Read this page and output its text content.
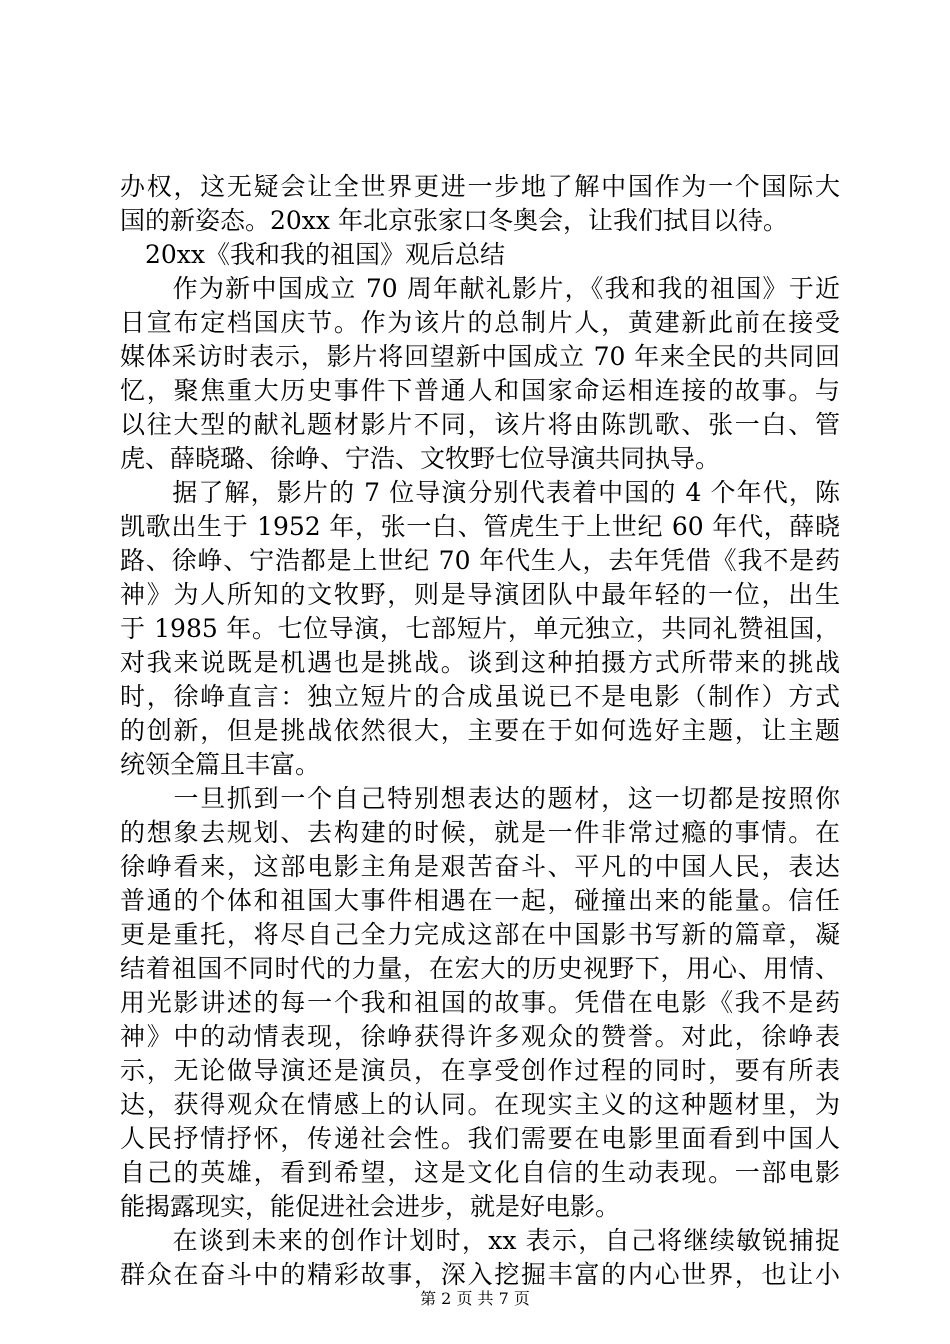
办权，这无疑会让全世界更进一步地了解中国作为一个国际大
国的新姿态。20xx 年北京张家口冬奥会，让我们拭目以待。
　20xx《我和我的祖国》观后总结
　　作为新中国成立 70 周年献礼影片，《我和我的祖国》于近
日宣布定档国庆节。作为该片的总制片人，黄建新此前在接受
媒体采访时表示，影片将回望新中国成立 70 年来全民的共同回
忆，聚焦重大历史事件下普通人和国家命运相连接的故事。与
以往大型的献礼题材影片不同，该片将由陈凯歌、张一白、管
虎、薛晓璐、徐峥、宁浩、文牧野七位导演共同执导。
　　据了解，影片的 7 位导演分别代表着中国的 4 个年代，陈
凯歌出生于 1952 年，张一白、管虎生于上世纪 60 年代，薛晓
路、徐峥、宁浩都是上世纪 70 年代生人，去年凭借《我不是药
神》为人所知的文牧野，则是导演团队中最年轻的一位，出生
于 1985 年。七位导演，七部短片，单元独立，共同礼赞祖国，
对我来说既是机遇也是挑战。谈到这种拍摄方式所带来的挑战
时，徐峥直言：独立短片的合成虽说已不是电影（制作）方式
的创新，但是挑战依然很大，主要在于如何选好主题，让主题
统领全篇且丰富。
　　一旦抓到一个自己特别想表达的题材，这一切都是按照你
的想象去规划、去构建的时候，就是一件非常过瘾的事情。在
徐峥看来，这部电影主角是艰苦奋斗、平凡的中国人民，表达
普通的个体和祖国大事件相遇在一起，碰撞出来的能量。信任
更是重托，将尽自己全力完成这部在中国影书写新的篇章，凝
结着祖国不同时代的力量，在宏大的历史视野下，用心、用情、
用光影讲述的每一个我和祖国的故事。凭借在电影《我不是药
神》中的动情表现，徐峥获得许多观众的赞誉。对此，徐峥表
示，无论做导演还是演员，在享受创作过程的同时，要有所表
达，获得观众在情感上的认同。在现实主义的这种题材里，为
人民抒情抒怀，传递社会性。我们需要在电影里面看到中国人
自己的英雄，看到希望，这是文化自信的生动表现。一部电影
能揭露现实，能促进社会进步，就是好电影。
　　在谈到未来的创作计划时，xx 表示，自己将继续敏锐捕捉
群众在奋斗中的精彩故事，深入挖掘丰富的内心世界，也让小
第 2 页 共 7 页
